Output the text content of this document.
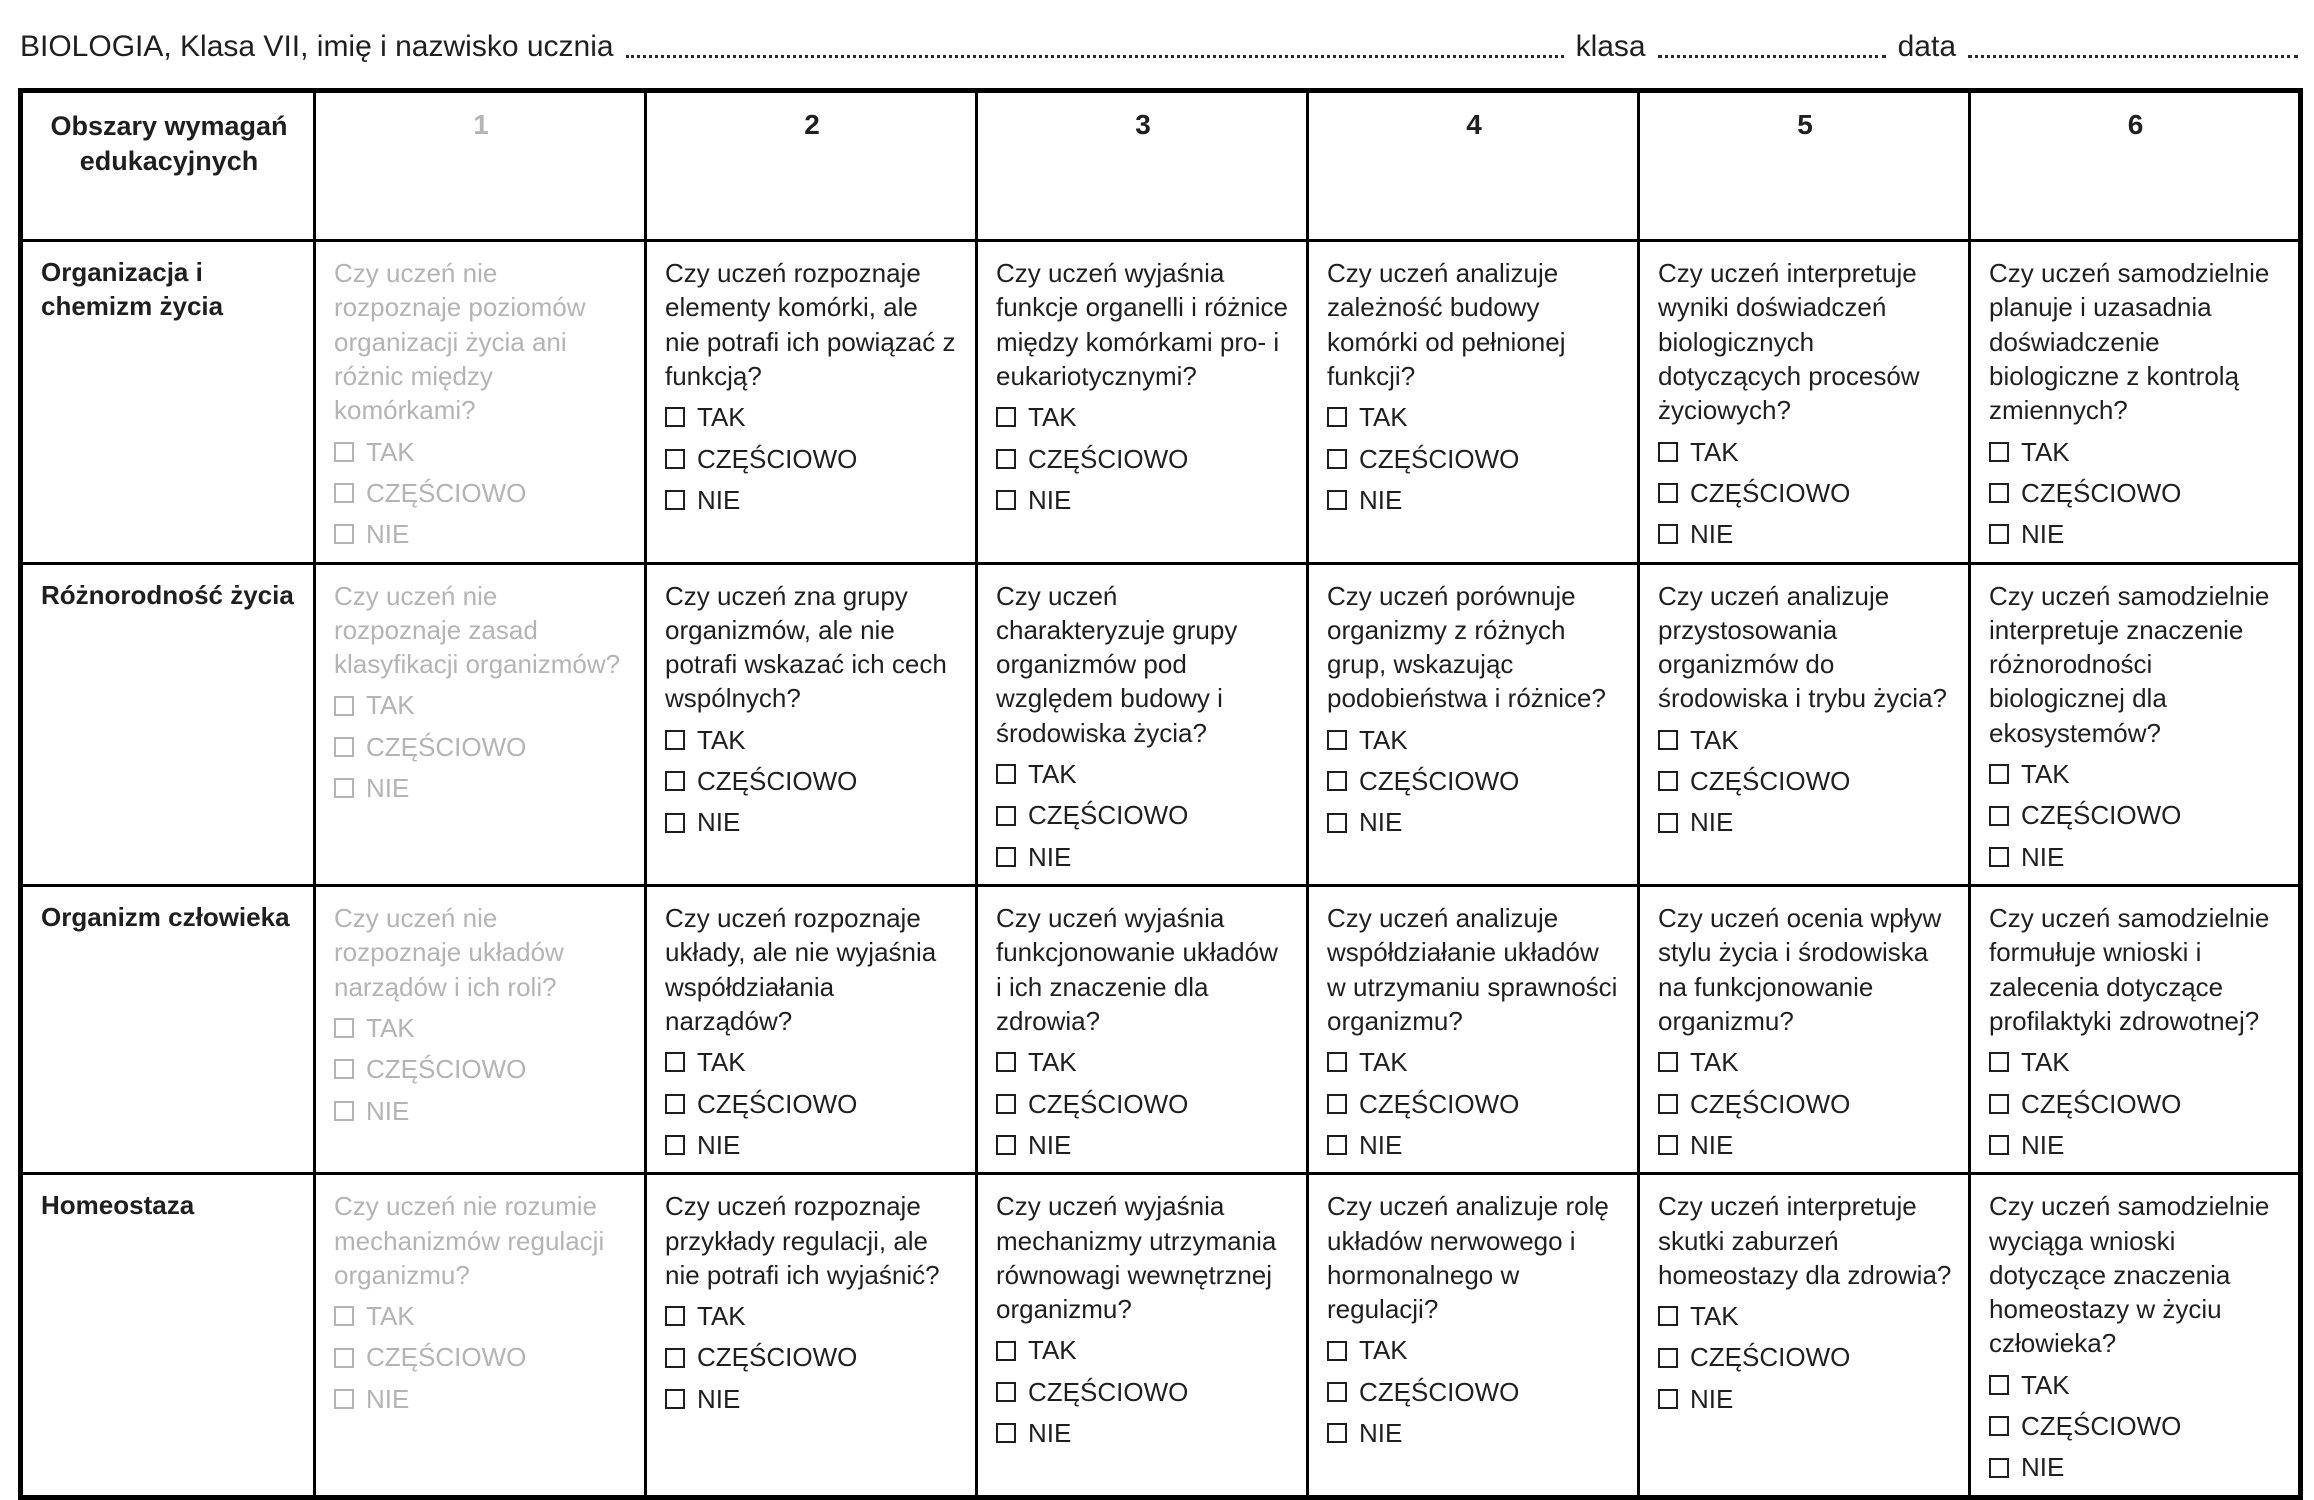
BIOLOGIA, Klasa VII, imię i nazwisko ucznia	klasa	data
Obszary wymagań edukacyjnych	1	2	3	4	5	6
Organizacja i chemizm życia	
Czy uczeń nie rozpoznaje poziomów organizacji życia ani różnic między komórkami?
TAK
CZĘŚCIOWO
NIE

Czy uczeń rozpoznaje elementy komórki, ale nie potrafi ich powiązać z funkcją?
TAK
CZĘŚCIOWO
NIE

Czy uczeń wyjaśnia funkcje organelli i różnice między komórkami pro- i eukariotycznymi?
TAK
CZĘŚCIOWO
NIE

Czy uczeń analizuje zależność budowy komórki od pełnionej funkcji?
TAK
CZĘŚCIOWO
NIE

Czy uczeń interpretuje wyniki doświadczeń biologicznych dotyczących procesów życiowych?
TAK
CZĘŚCIOWO
NIE

Czy uczeń samodzielnie planuje i uzasadnia doświadczenie biologiczne z kontrolą zmiennych?
TAK
CZĘŚCIOWO
NIE

Różnorodność życia	Czy uczeń nie rozpoznaje zasad klasyfikacji organizmów?
TAK
CZĘŚCIOWO
NIE

Czy uczeń zna grupy organizmów, ale nie potrafi wskazać ich cech wspólnych?
TAK
CZĘŚCIOWO
NIE

Czy uczeń charakteryzuje grupy organizmów pod względem budowy i środowiska życia?
TAK
CZĘŚCIOWO
NIE

Czy uczeń porównuje organizmy z różnych grup, wskazując podobieństwa i różnice?
TAK
CZĘŚCIOWO
NIE

Czy uczeń analizuje przystosowania organizmów do środowiska i trybu życia?
TAK
CZĘŚCIOWO
NIE

Czy uczeń samodzielnie interpretuje znaczenie różnorodności biologicznej dla ekosystemów?
TAK
CZĘŚCIOWO
NIE

Organizm człowieka	Czy uczeń nie rozpoznaje układów narządów i ich roli?
TAK
CZĘŚCIOWO
NIE

Czy uczeń rozpoznaje układy, ale nie wyjaśnia współdziałania narządów?
TAK
CZĘŚCIOWO
NIE

Czy uczeń wyjaśnia funkcjonowanie układów i ich znaczenie dla zdrowia?
TAK
CZĘŚCIOWO
NIE

Czy uczeń analizuje współdziałanie układów w utrzymaniu sprawności organizmu?
TAK
CZĘŚCIOWO
NIE

Czy uczeń ocenia wpływ stylu życia i środowiska na funkcjonowanie organizmu?
TAK
CZĘŚCIOWO
NIE

Czy uczeń samodzielnie formułuje wnioski i zalecenia dotyczące profilaktyki zdrowotnej?
TAK
CZĘŚCIOWO
NIE

Homeostaza	Czy uczeń nie rozumie mechanizmów regulacji organizmu?
TAK
CZĘŚCIOWO
NIE

Czy uczeń rozpoznaje przykłady regulacji, ale nie potrafi ich wyjaśnić?
TAK
CZĘŚCIOWO
NIE

Czy uczeń wyjaśnia mechanizmy utrzymania równowagi wewnętrznej organizmu?
TAK
CZĘŚCIOWO
NIE

Czy uczeń analizuje rolę układów nerwowego i hormonalnego w regulacji?
TAK
CZĘŚCIOWO
NIE

Czy uczeń interpretuje skutki zaburzeń homeostazy dla zdrowia?
TAK
CZĘŚCIOWO
NIE

Czy uczeń samodzielnie wyciąga wnioski dotyczące znaczenia homeostazy w życiu człowieka?
TAK
CZĘŚCIOWO
NIE
